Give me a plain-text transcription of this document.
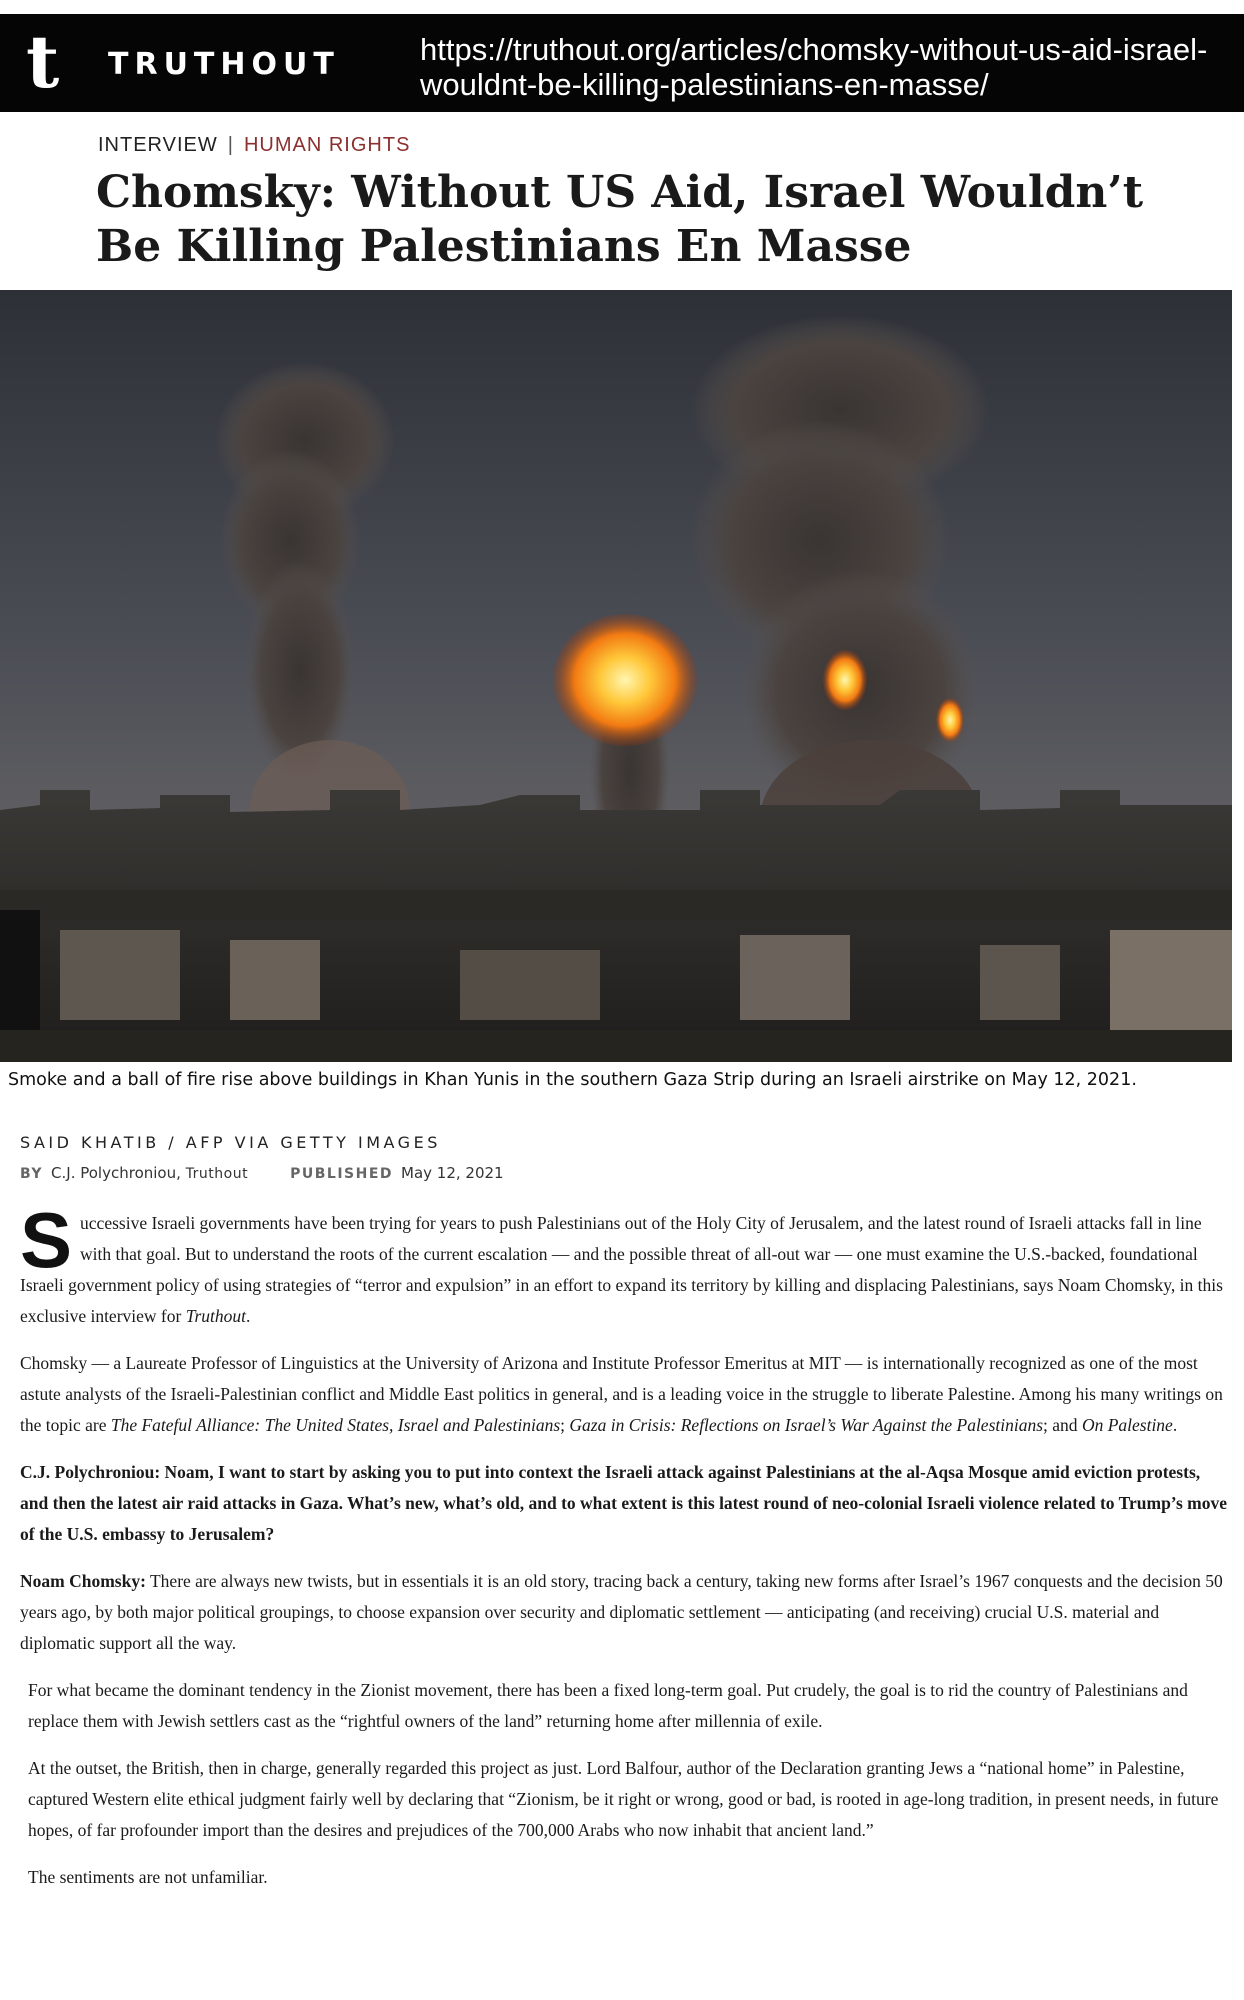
t TRUTHOUT	https://truthout.org/articles/chomsky-without-us-aid-israel-wouldnt-be-killing-palestinians-en-masse/
INTERVIEW | HUMAN RIGHTS
Chomsky: Without US Aid, Israel Wouldn’t Be Killing Palestinians En Masse
Smoke and a ball of fire rise above buildings in Khan Yunis in the southern Gaza Strip during an Israeli airstrike on May 12, 2021.
SAID KHATIB / AFP VIA GETTY IMAGES
BY C.J. Polychroniou, Truthout	PUBLISHED May 12, 2021

Successive Israeli governments have been trying for years to push Palestinians out of the Holy City of Jerusalem, and the latest round of Israeli attacks fall in line with that goal. But to understand the roots of the current escalation — and the possible threat of all-out war — one must examine the U.S.-backed, foundational Israeli government policy of using strategies of “terror and expulsion” in an effort to expand its territory by killing and displacing Palestinians, says Noam Chomsky, in this exclusive interview for Truthout.

Chomsky — a Laureate Professor of Linguistics at the University of Arizona and Institute Professor Emeritus at MIT — is internationally recognized as one of the most astute analysts of the Israeli-Palestinian conflict and Middle East politics in general, and is a leading voice in the struggle to liberate Palestine. Among his many writings on the topic are The Fateful Alliance: The United States, Israel and Palestinians; Gaza in Crisis: Reflections on Israel’s War Against the Palestinians; and On Palestine.

C.J. Polychroniou: Noam, I want to start by asking you to put into context the Israeli attack against Palestinians at the al-Aqsa Mosque amid eviction protests, and then the latest air raid attacks in Gaza. What’s new, what’s old, and to what extent is this latest round of neo-colonial Israeli violence related to Trump’s move of the U.S. embassy to Jerusalem?

Noam Chomsky: There are always new twists, but in essentials it is an old story, tracing back a century, taking new forms after Israel’s 1967 conquests and the decision 50 years ago, by both major political groupings, to choose expansion over security and diplomatic settlement — anticipating (and receiving) crucial U.S. material and diplomatic support all the way.

For what became the dominant tendency in the Zionist movement, there has been a fixed long-term goal. Put crudely, the goal is to rid the country of Palestinians and replace them with Jewish settlers cast as the “rightful owners of the land” returning home after millennia of exile.

At the outset, the British, then in charge, generally regarded this project as just. Lord Balfour, author of the Declaration granting Jews a “national home” in Palestine, captured Western elite ethical judgment fairly well by declaring that “Zionism, be it right or wrong, good or bad, is rooted in age-long tradition, in present needs, in future hopes, of far profounder import than the desires and prejudices of the 700,000 Arabs who now inhabit that ancient land.”

The sentiments are not unfamiliar.
